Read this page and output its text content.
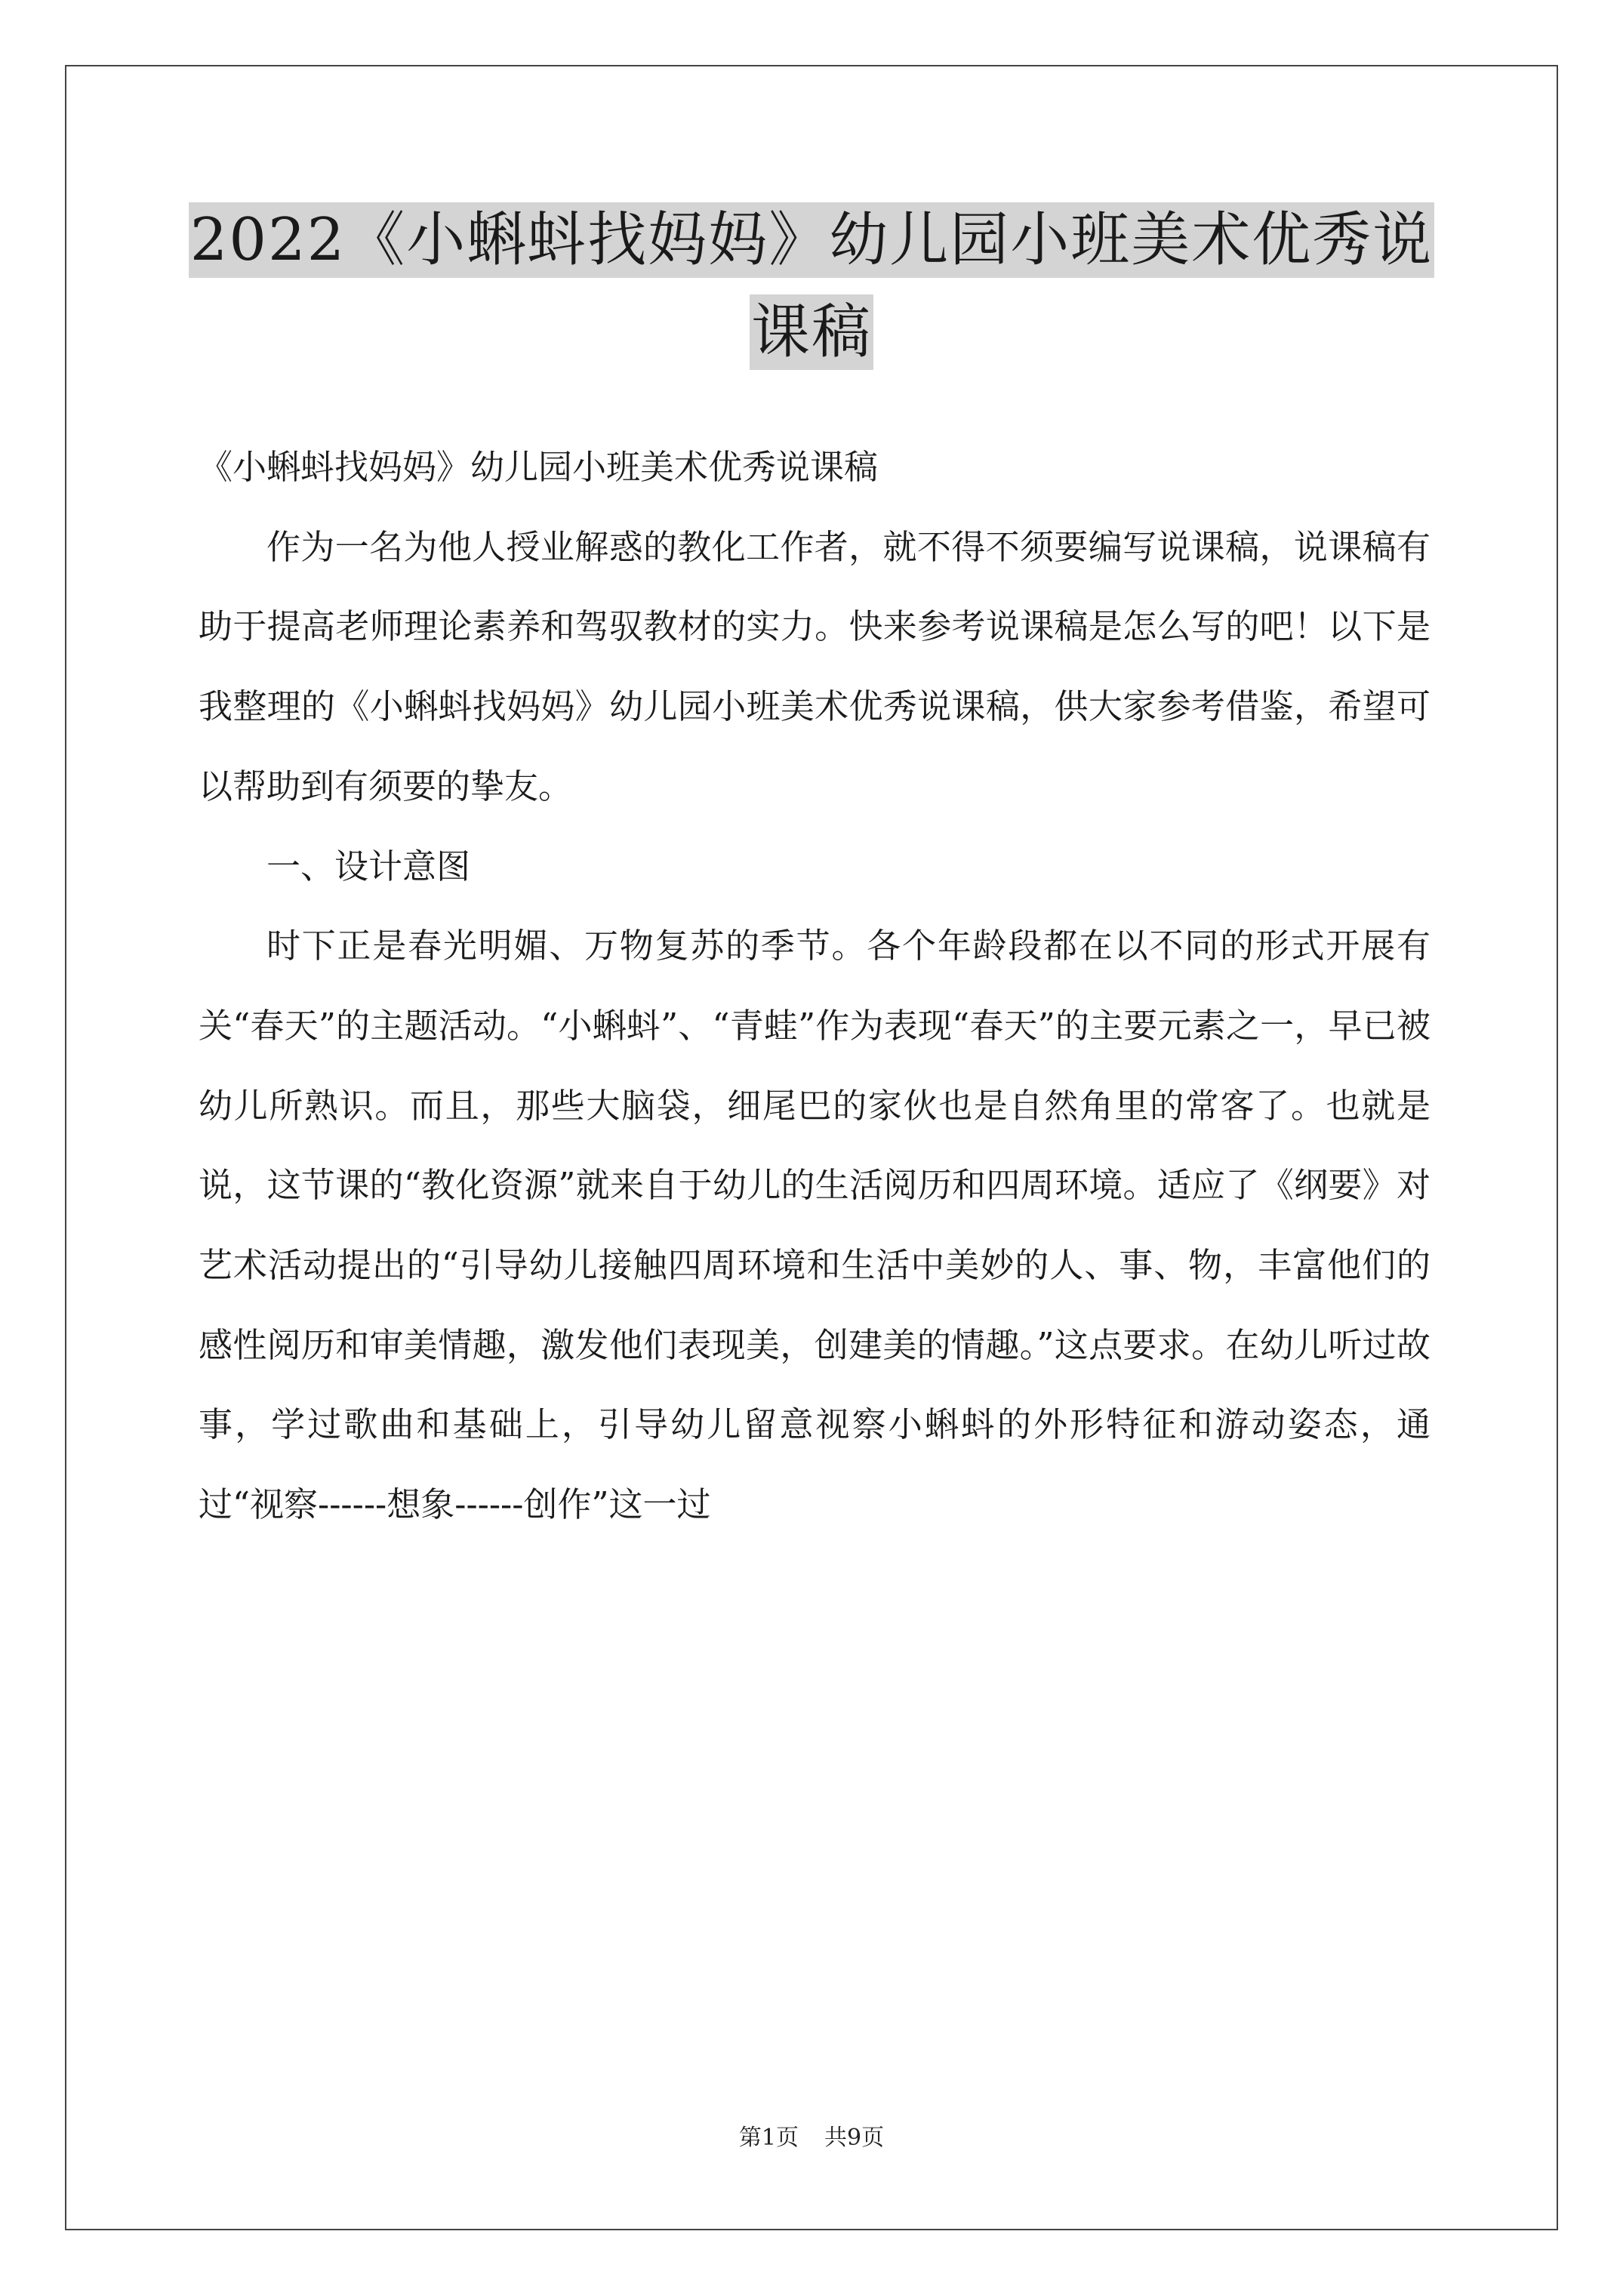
2022《小蝌蚪找妈妈》幼儿园小班美术优秀说
课稿

《小蝌蚪找妈妈》幼儿园小班美术优秀说课稿

作为一名为他人授业解惑的教化工作者，就不得不须要编写说课稿，说课稿有助于提高老师理论素养和驾驭教材的实力。快来参考说课稿是怎么写的吧！以下是我整理的《小蝌蚪找妈妈》幼儿园小班美术优秀说课稿，供大家参考借鉴，希望可以帮助到有须要的挚友。

一、设计意图

时下正是春光明媚、万物复苏的季节。各个年龄段都在以不同的形式开展有关“春天”的主题活动。“小蝌蚪”、“青蛙”作为表现“春天”的主要元素之一，早已被幼儿所熟识。而且，那些大脑袋，细尾巴的家伙也是自然角里的常客了。也就是说，这节课的“教化资源”就来自于幼儿的生活阅历和四周环境。适应了《纲要》对艺术活动提出的“引导幼儿接触四周环境和生活中美妙的人、事、物，丰富他们的感性阅历和审美情趣，激发他们表现美，创建美的情趣。”这点要求。在幼儿听过故事，学过歌曲和基础上，引导幼儿留意视察小蝌蚪的外形特征和游动姿态，通过“视察------想象------创作”这一过

第1页 共9页
